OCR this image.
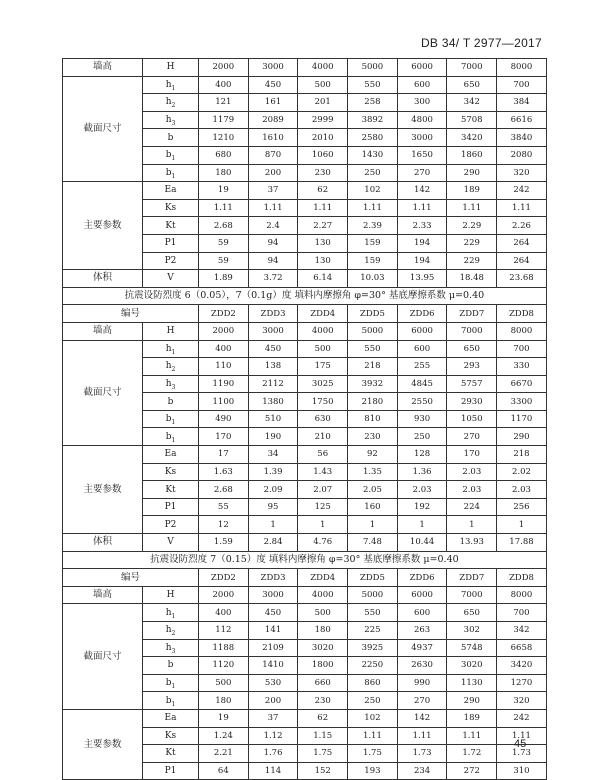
DB 34/ T 2977—2017
墙高	H	2000	3000	4000	5000	6000	7000	8000
截面尺寸	$h_1$	400	450	500	550	600	650	700
	$h_2$	121	161	201	258	300	342	384
	$h_3$	1179	2089	2999	3892	4800	5708	6616
	b	1210	1610	2010	2580	3000	3420	3840
	$b_1$	680	870	1060	1430	1650	1860	2080
	$b_1$	180	200	230	250	270	290	320
主要参数	Ea	19	37	62	102	142	189	242
	Ks	1.11	1.11	1.11	1.11	1.11	1.11	1.11
	Kt	2.68	2.4	2.27	2.39	2.33	2.29	2.26
	P1	59	94	130	159	194	229	264
	P2	59	94	130	159	194	229	264
体积	V	1.89	3.72	6.14	10.03	13.95	18.48	23.68
抗震设防烈度 6（0.05），7（0.1g）度 填料内摩擦角 φ=30° 基底摩擦系数 μ=0.40								
编号		ZDD2	ZDD3	ZDD4	ZDD5	ZDD6	ZDD7	ZDD8
墙高	H	2000	3000	4000	5000	6000	7000	8000
截面尺寸	$h_1$	400	450	500	550	600	650	700
	$h_2$	110	138	175	218	255	293	330
	$h_3$	1190	2112	3025	3932	4845	5757	6670
	b	1100	1380	1750	2180	2550	2930	3300
	$b_1$	490	510	630	810	930	1050	1170
	$b_1$	170	190	210	230	250	270	290
主要参数	Ea	17	34	56	92	128	170	218
	Ks	1.63	1.39	1.43	1.35	1.36	2.03	2.02
	Kt	2.68	2.09	2.07	2.05	2.03	2.03	2.03
	P1	55	95	125	160	192	224	256
	P2	12	1	1	1	1	1	1
体积	V	1.59	2.84	4.76	7.48	10.44	13.93	17.88
抗震设防烈度 7（0.15）度 填料内摩擦角 φ=30° 基底摩擦系数 μ=0.40								
编号		ZDD2	ZDD3	ZDD4	ZDD5	ZDD6	ZDD7	ZDD8
墙高	H	2000	3000	4000	5000	6000	7000	8000
截面尺寸	$h_1$	400	450	500	550	600	650	700
	$h_2$	112	141	180	225	263	302	342
	$h_3$	1188	2109	3020	3925	4937	5748	6658
	b	1120	1410	1800	2250	2630	3020	3420
	$b_1$	500	530	660	860	990	1130	1270
	$b_1$	180	200	230	250	270	290	320
主要参数	Ea	19	37	62	102	142	189	242
	Ks	1.24	1.12	1.15	1.11	1.11	1.11	1.11
	Kt	2.21	1.76	1.75	1.75	1.73	1.72	1.73
	P1	64	114	152	193	234	272	310
45
